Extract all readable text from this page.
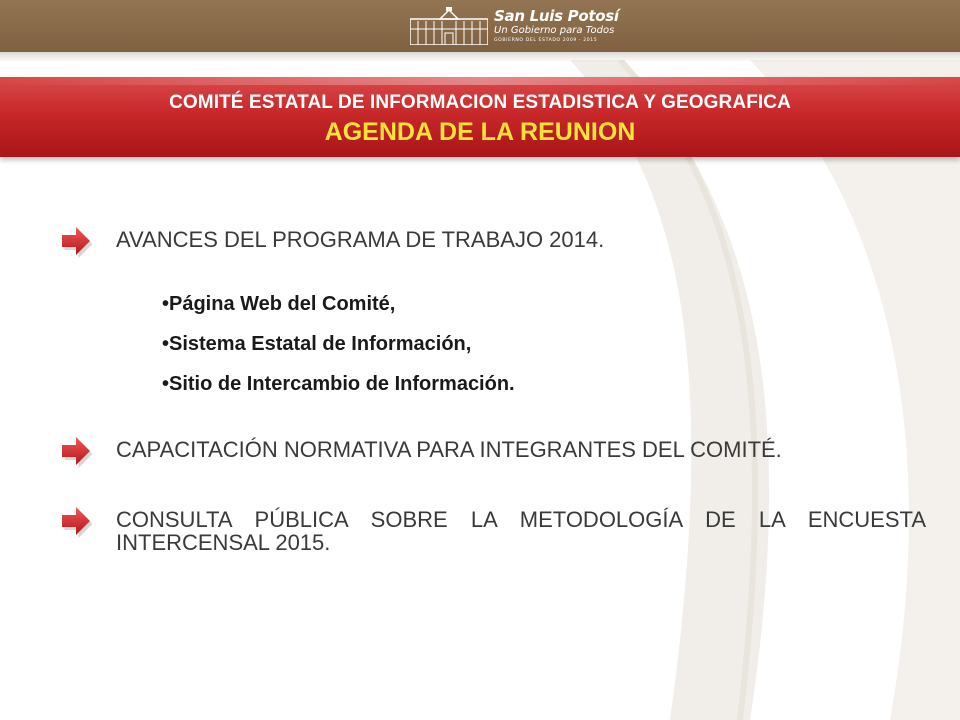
San Luis Potosí
Un Gobierno para Todos
GOBIERNO DEL ESTADO 2009 - 2015
COMITÉ ESTATAL DE INFORMACION ESTADISTICA Y GEOGRAFICA
AGENDA DE LA REUNION
AVANCES DEL PROGRAMA DE TRABAJO 2014.
•Página Web del Comité,
•Sistema Estatal de Información,
•Sitio de Intercambio de Información.
CAPACITACIÓN NORMATIVA PARA INTEGRANTES DEL COMITÉ.
CONSULTA PÚBLICA SOBRE LA METODOLOGÍA DE LA ENCUESTA INTERCENSAL 2015.
